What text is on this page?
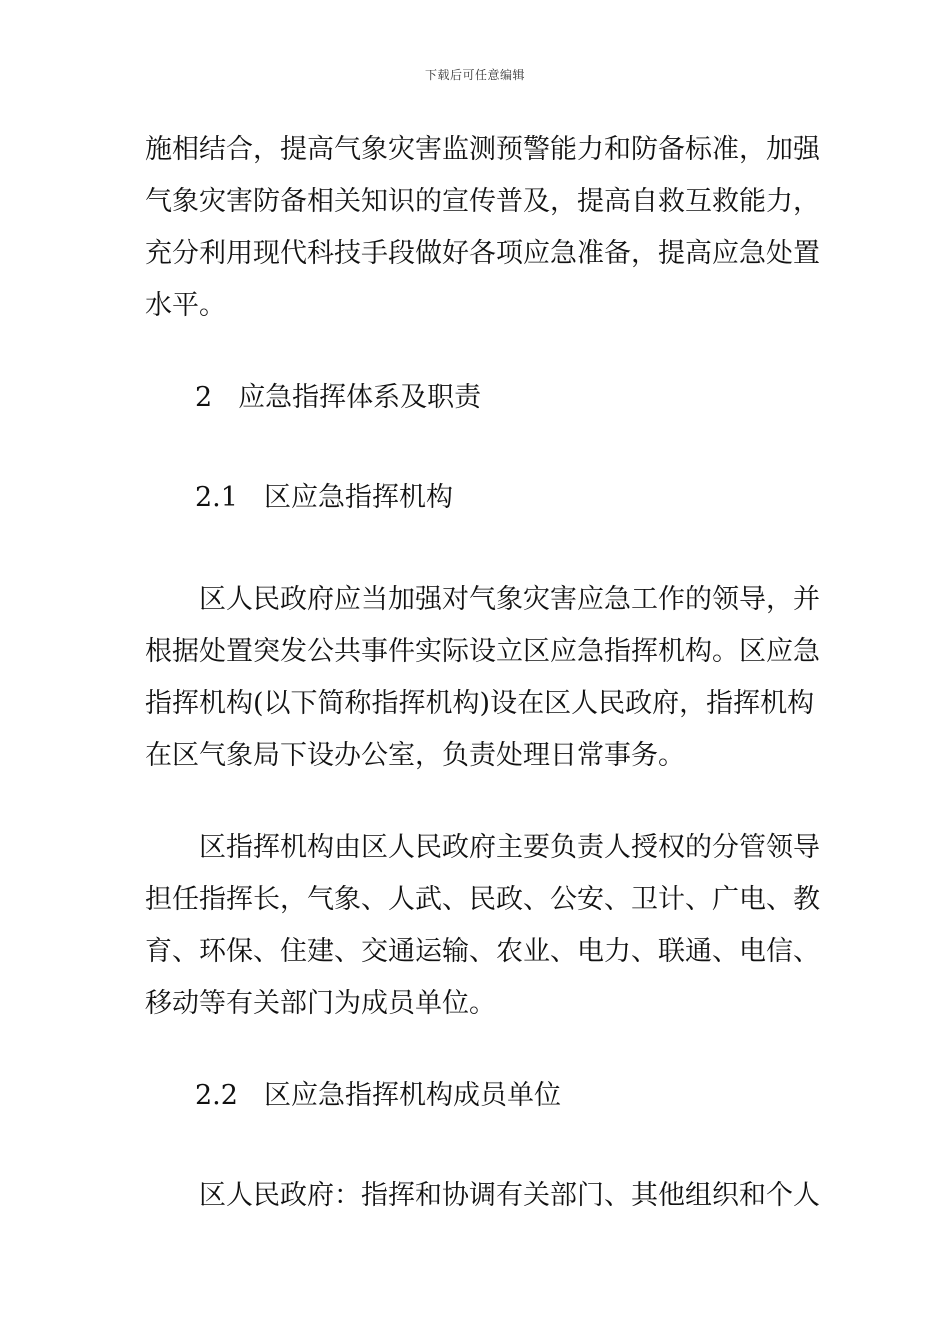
下载后可任意编辑
施相结合，提高气象灾害监测预警能力和防备标准，加强
气象灾害防备相关知识的宣传普及，提高自救互救能力，
充分利用现代科技手段做好各项应急准备，提高应急处置
水平。
2 应急指挥体系及职责
2.1 区应急指挥机构
区人民政府应当加强对气象灾害应急工作的领导，并
根据处置突发公共事件实际设立区应急指挥机构。区应急
指挥机构(以下简称指挥机构)设在区人民政府，指挥机构
在区气象局下设办公室，负责处理日常事务。
区指挥机构由区人民政府主要负责人授权的分管领导
担任指挥长，气象、人武、民政、公安、卫计、广电、教
育、环保、住建、交通运输、农业、电力、联通、电信、
移动等有关部门为成员单位。
2.2 区应急指挥机构成员单位
区人民政府：指挥和协调有关部门、其他组织和个人
